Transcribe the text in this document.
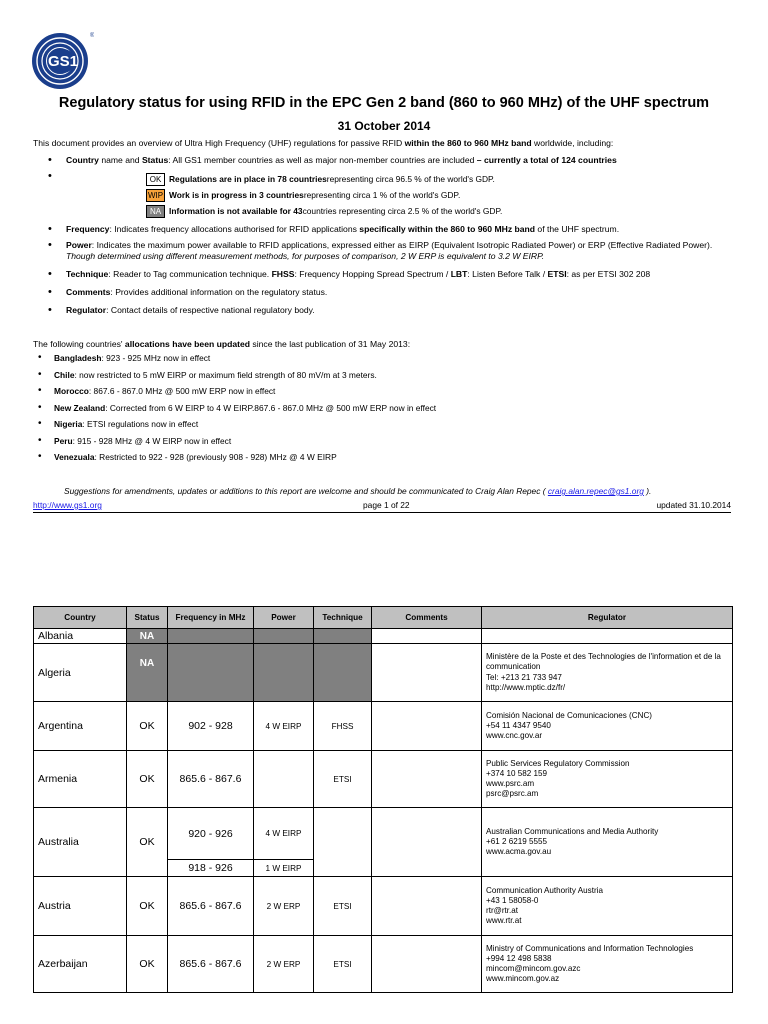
GS1
®
Regulatory status for using RFID in the EPC Gen 2 band (860 to 960 MHz) of the UHF spectrum
31 October 2014
This document provides an overview of Ultra High Frequency (UHF) regulations for passive RFID within the 860 to 960 MHz band worldwide, including:
• Country name and Status: All GS1 member countries as well as major non-member countries are included – currently a total of 124 countries
•
• Frequency: Indicates frequency allocations authorised for RFID applications specifically within the 860 to 960 MHz band of the UHF spectrum.
• Power: Indicates the maximum power available to RFID applications, expressed either as EIRP (Equivalent Isotropic Radiated Power) or ERP (Effective Radiated Power). Though determined using different measurement methods, for purposes of comparison, 2 W ERP is equivalent to 3.2 W EIRP.
• Technique: Reader to Tag communication technique. FHSS: Frequency Hopping Spread Spectrum / LBT: Listen Before Talk / ETSI: as per ETSI 302 208
• Comments: Provides additional information on the regulatory status.
• Regulator: Contact details of respective national regulatory body.
OK Regulations are in place in 78 countries representing circa 96.5 % of the world's GDP.
WIP Work is in progress in 3 countries representing circa 1 % of the world's GDP.
NA Information is not available for 43 countries representing circa 2.5 % of the world's GDP.
The following countries' allocations have been updated since the last publication of 31 May 2013:
• Bangladesh: 923 - 925 MHz now in effect
• Chile: now restricted to 5 mW EIRP or maximum field strength of 80 mV/m at 3 meters.
• Morocco: 867.6 - 867.0 MHz @ 500 mW ERP now in effect
• New Zealand: Corrected from 6 W EIRP to 4 W EIRP.867.6 - 867.0 MHz @ 500 mW ERP now in effect
• Nigeria: ETSI regulations now in effect
• Peru: 915 - 928 MHz @ 4 W EIRP now in effect
• Venezuala: Restricted to 922 - 928 (previously 908 - 928) MHz @ 4 W EIRP
Suggestions for amendments, updates or additions to this report are welcome and should be communicated to Craig Alan Repec ( craig.alan.repec@gs1.org ).
http://www.gs1.org	page 1 of 22	updated 31.10.2014
Country	Status	Frequency in MHz	Power	Technique	Comments	Regulator
Albania	NA					
Algeria	NA					Ministère de la Poste et des Technologies de l'information et de la communication
Tel: +213 21 733 947
http://www.mptic.dz/fr/

Argentina	OK	902 - 928	4 W EIRP	FHSS		Comisión Nacional de Comunicaciones (CNC)
+54 11 4347 9540
www.cnc.gov.ar

Armenia	OK	865.6 - 867.6		ETSI		Public Services Regulatory Commission
+374 10 582 159
www.psrc.am
psrc@psrc.am

Australia	OK	920 - 926	4 W EIRP			Australian Communications and Media Authority
+61 2 6219 5555
www.acma.gov.au

		918 - 926	1 W EIRP			
Austria	OK	865.6 - 867.6	2 W ERP	ETSI		Communication Authority Austria
+43 1 58058-0
rtr@rtr.at
www.rtr.at

Azerbaijan	OK	865.6 - 867.6	2 W ERP	ETSI		Ministry of Communications and Information Technologies
+994 12 498 5838
mincom@mincom.gov.azc
www.mincom.gov.az
